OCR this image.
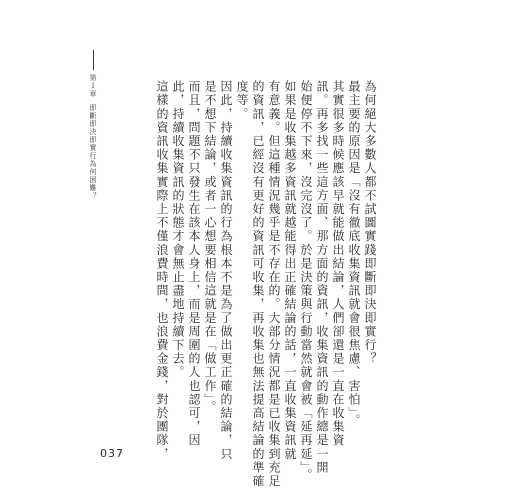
第１章
即斷即決即實行為何困難？	為何絕大多數人都不試圖實踐即斷即決即實行？
最主要的原因是「沒有徹底收集資訊就會很焦慮、害怕」。
其實很多時候應該早就能做出結論，人們卻還是一直在收集資
訊。再多找一些這方面、那方面的資訊，收集資訊的動作總是一開
始便停不下來，沒完沒了。於是決策與行動當然就會被「延再延」。
如果是收集越多資訊就越能得出正確結論的話，一直收集資訊就
有意義。但這種情況幾乎是不存在的。大部分情況都是已收集到充足
的資訊，已經沒有更好的資訊可收集，再收集也無法提高結論的準確
度等。
因此，持續收集資訊的行為根本不是為了做出更正確的結論，只
是不想下結論，或者一心想要相信這就是在「做工作」。
而且，問題不只發生在該本人身上，而是周圍的人也認可，因
此，持續收集資訊的狀態才會無止盡地持續下去。
這樣的資訊收集實際上不僅浪費時間，也浪費金錢，對於團隊，
037
